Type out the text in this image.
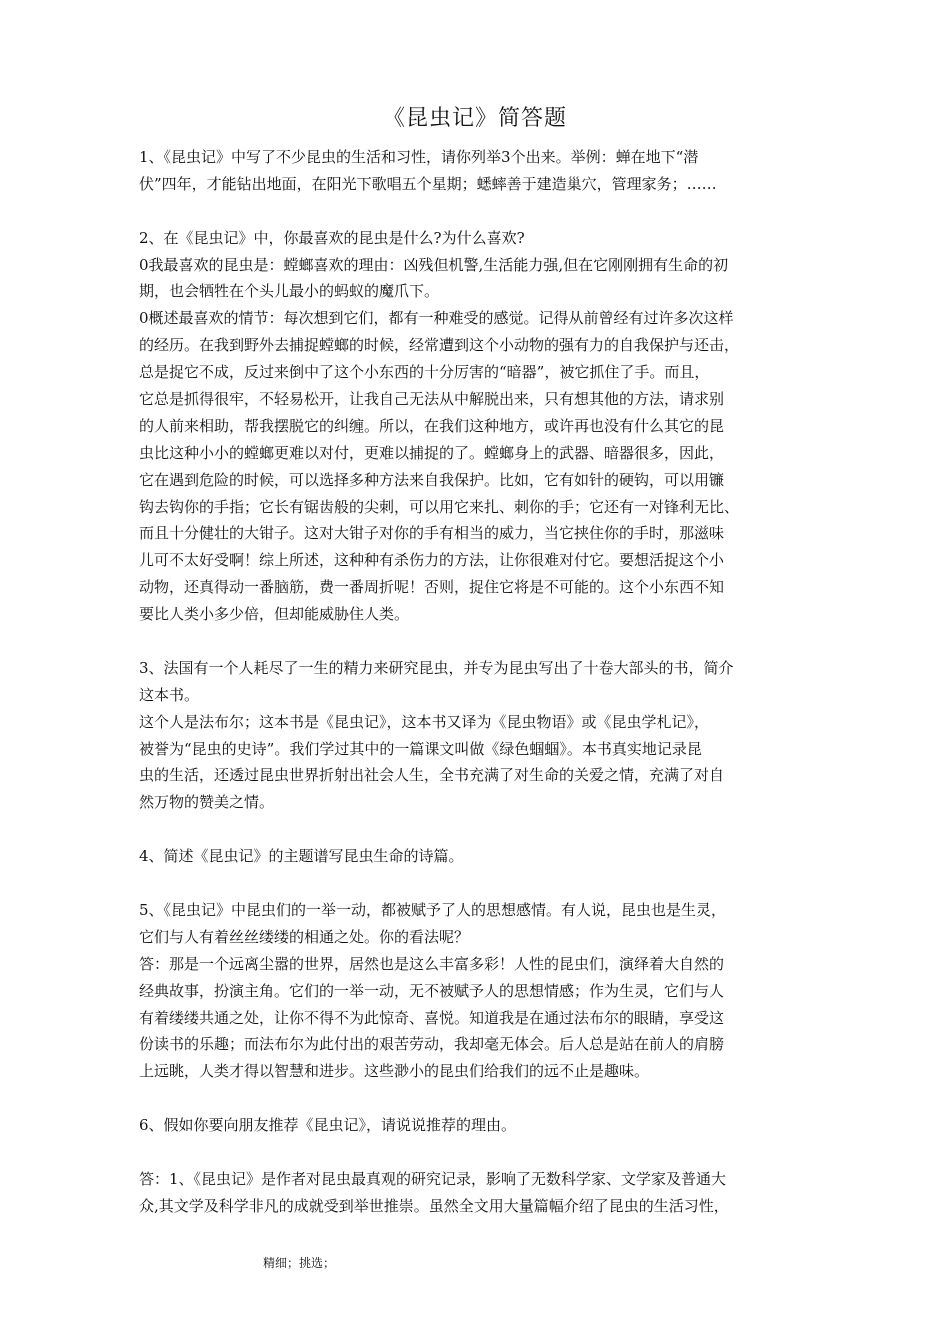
《昆虫记》简答题
1、《昆虫记》中写了不少昆虫的生活和习性，请你列举3个出来。举例：蝉在地下“潜
伏”四年，才能钻出地面，在阳光下歌唱五个星期；蟋蟀善于建造巢穴，管理家务；……
2、在《昆虫记》中，你最喜欢的昆虫是什么?为什么喜欢?
0我最喜欢的昆虫是：螳螂喜欢的理由：凶残但机警,生活能力强,但在它刚刚拥有生命的初
期，也会牺牲在个头儿最小的蚂蚁的魔爪下。
0概述最喜欢的情节：每次想到它们，都有一种难受的感觉。记得从前曾经有过许多次这样
的经历。在我到野外去捕捉螳螂的时候，经常遭到这个小动物的强有力的自我保护与还击，
总是捉它不成，反过来倒中了这个小东西的十分厉害的“暗器”，被它抓住了手。而且，
它总是抓得很牢，不轻易松开，让我自己无法从中解脱出来，只有想其他的方法，请求别
的人前来相助，帮我摆脱它的纠缠。所以，在我们这种地方，或许再也没有什么其它的昆
虫比这种小小的螳螂更难以对付，更难以捕捉的了。螳螂身上的武器、暗器很多，因此，
它在遇到危险的时候，可以选择多种方法来自我保护。比如，它有如针的硬钩，可以用镰
钩去钩你的手指；它长有锯齿般的尖刺，可以用它来扎、刺你的手；它还有一对锋利无比、
而且十分健壮的大钳子。这对大钳子对你的手有相当的威力，当它挟住你的手时，那滋味
儿可不太好受啊！综上所述，这种种有杀伤力的方法，让你很难对付它。要想活捉这个小
动物，还真得动一番脑筋，费一番周折呢！否则，捉住它将是不可能的。这个小东西不知
要比人类小多少倍，但却能威胁住人类。
3、法国有一个人耗尽了一生的精力来研究昆虫，并专为昆虫写出了十卷大部头的书，简介
这本书。
这个人是法布尔；这本书是《昆虫记》，这本书又译为《昆虫物语》或《昆虫学札记》，
被誉为“昆虫的史诗”。我们学过其中的一篇课文叫做《绿色蝈蝈》。本书真实地记录昆
虫的生活，还透过昆虫世界折射出社会人生，全书充满了对生命的关爱之情，充满了对自
然万物的赞美之情。
4、简述《昆虫记》的主题谱写昆虫生命的诗篇。
5、《昆虫记》中昆虫们的一举一动，都被赋予了人的思想感情。有人说，昆虫也是生灵，
它们与人有着丝丝缕缕的相通之处。你的看法呢？
答：那是一个远离尘嚣的世界，居然也是这么丰富多彩！人性的昆虫们，演绎着大自然的
经典故事，扮演主角。它们的一举一动，无不被赋予人的思想情感；作为生灵，它们与人
有着缕缕共通之处，让你不得不为此惊奇、喜悦。知道我是在通过法布尔的眼睛，享受这
份读书的乐趣；而法布尔为此付出的艰苦劳动，我却毫无体会。后人总是站在前人的肩膀
上远眺，人类才得以智慧和进步。这些渺小的昆虫们给我们的远不止是趣味。
6、假如你要向朋友推荐《昆虫记》，请说说推荐的理由。
答：1、《昆虫记》是作者对昆虫最真观的研究记录，影响了无数科学家、文学家及普通大
众,其文学及科学非凡的成就受到举世推崇。虽然全文用大量篇幅介绍了昆虫的生活习性，
精细；挑选；
